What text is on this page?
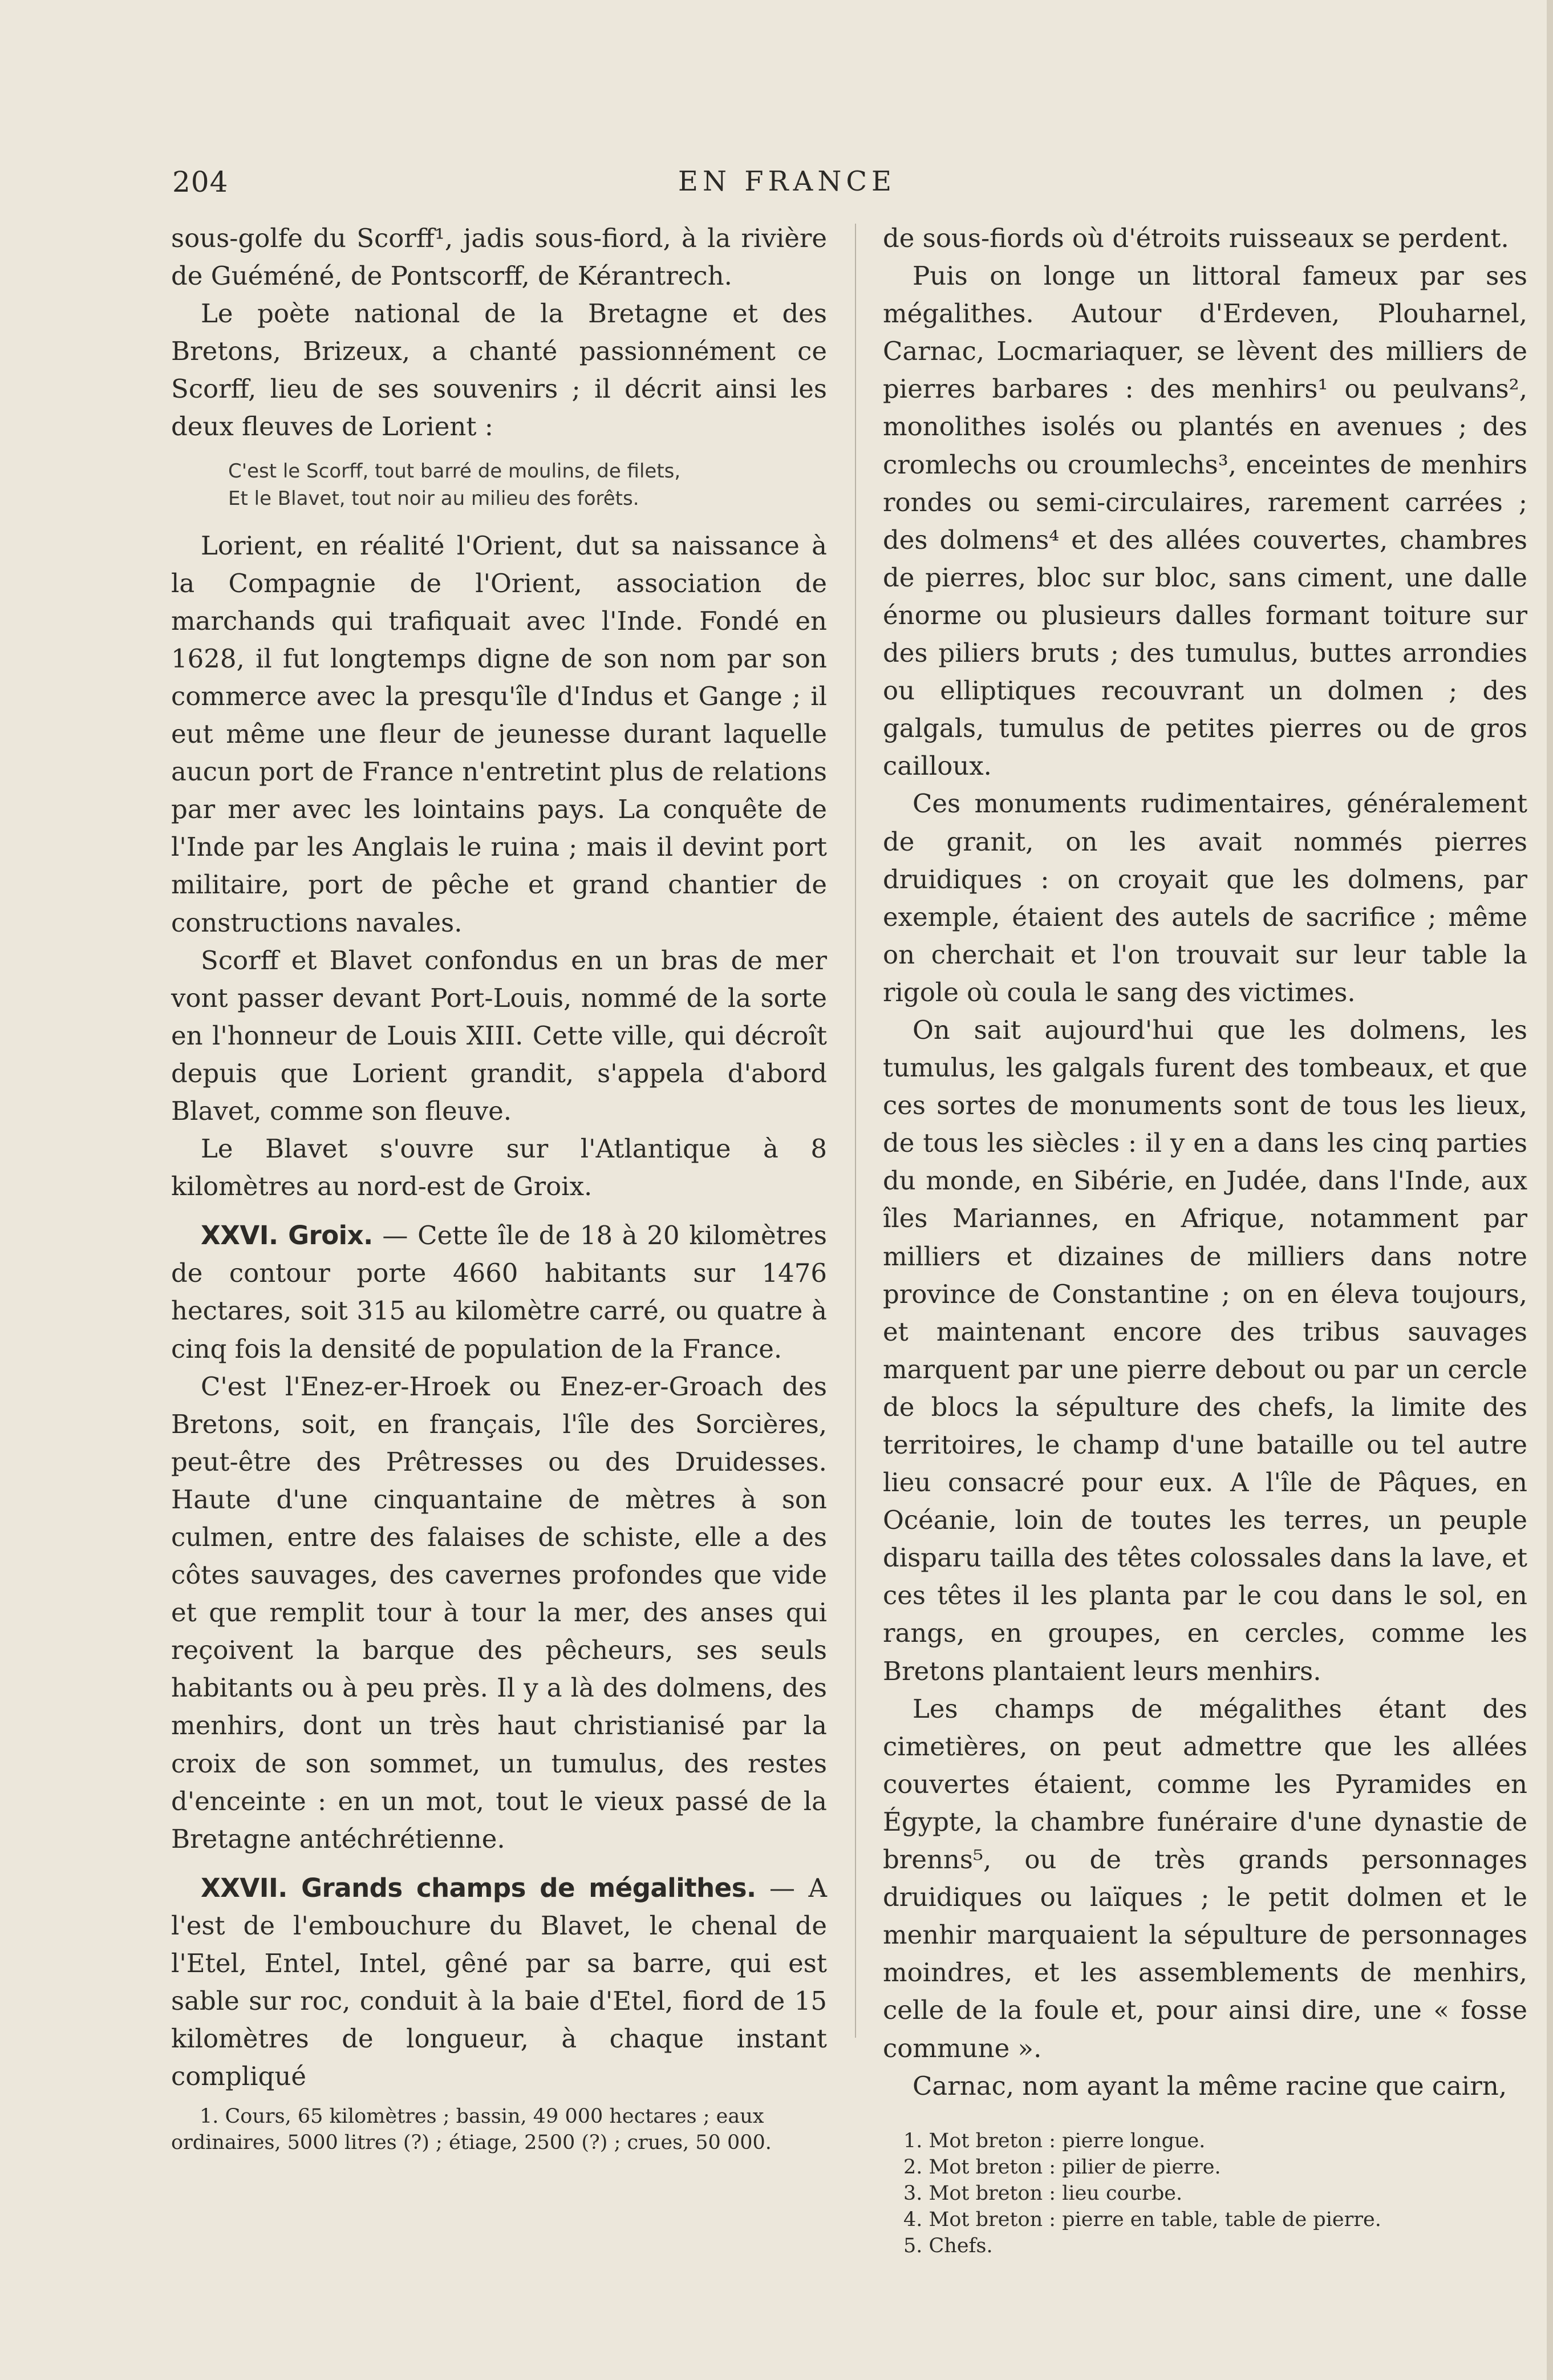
204	EN FRANCE

sous-golfe du Scorff¹, jadis sous-fiord, à la rivière de Guéméné, de Pontscorff, de Kérantrech.

Le poète national de la Bretagne et des Bretons, Brizeux, a chanté passionnément ce Scorff, lieu de ses souvenirs ; il décrit ainsi les deux fleuves de Lorient :

C'est le Scorff, tout barré de moulins, de filets,
Et le Blavet, tout noir au milieu des forêts.

Lorient, en réalité l'Orient, dut sa naissance à la Compagnie de l'Orient, association de marchands qui trafiquait avec l'Inde. Fondé en 1628, il fut longtemps digne de son nom par son commerce avec la presqu'île d'Indus et Gange ; il eut même une fleur de jeunesse durant laquelle aucun port de France n'entretint plus de relations par mer avec les lointains pays. La conquête de l'Inde par les Anglais le ruina ; mais il devint port militaire, port de pêche et grand chantier de constructions navales.

Scorff et Blavet confondus en un bras de mer vont passer devant Port-Louis, nommé de la sorte en l'honneur de Louis XIII. Cette ville, qui décroît depuis que Lorient grandit, s'appela d'abord Blavet, comme son fleuve.

Le Blavet s'ouvre sur l'Atlantique à 8 kilomètres au nord-est de Groix.

XXVI. Groix. — Cette île de 18 à 20 kilomètres de contour porte 4660 habitants sur 1476 hectares, soit 315 au kilomètre carré, ou quatre à cinq fois la densité de population de la France.

C'est l'Enez-er-Hroek ou Enez-er-Groach des Bretons, soit, en français, l'île des Sorcières, peut-être des Prêtresses ou des Druidesses. Haute d'une cinquantaine de mètres à son culmen, entre des falaises de schiste, elle a des côtes sauvages, des cavernes profondes que vide et que remplit tour à tour la mer, des anses qui reçoivent la barque des pêcheurs, ses seuls habitants ou à peu près. Il y a là des dolmens, des menhirs, dont un très haut christianisé par la croix de son sommet, un tumulus, des restes d'enceinte : en un mot, tout le vieux passé de la Bretagne antéchrétienne.

XXVII. Grands champs de mégalithes. — A l'est de l'embouchure du Blavet, le chenal de l'Etel, Entel, Intel, gêné par sa barre, qui est sable sur roc, conduit à la baie d'Etel, fiord de 15 kilomètres de longueur, à chaque instant compliqué

1. Cours, 65 kilomètres ; bassin, 49 000 hectares ; eaux ordinaires, 5000 litres (?) ; étiage, 2500 (?) ; crues, 50 000.

de sous-fiords où d'étroits ruisseaux se perdent.

Puis on longe un littoral fameux par ses mégalithes. Autour d'Erdeven, Plouharnel, Carnac, Locmariaquer, se lèvent des milliers de pierres barbares : des menhirs¹ ou peulvans², monolithes isolés ou plantés en avenues ; des cromlechs ou croumlechs³, enceintes de menhirs rondes ou semi-circulaires, rarement carrées ; des dolmens⁴ et des allées couvertes, chambres de pierres, bloc sur bloc, sans ciment, une dalle énorme ou plusieurs dalles formant toiture sur des piliers bruts ; des tumulus, buttes arrondies ou elliptiques recouvrant un dolmen ; des galgals, tumulus de petites pierres ou de gros cailloux.

Ces monuments rudimentaires, généralement de granit, on les avait nommés pierres druidiques : on croyait que les dolmens, par exemple, étaient des autels de sacrifice ; même on cherchait et l'on trouvait sur leur table la rigole où coula le sang des victimes.

On sait aujourd'hui que les dolmens, les tumulus, les galgals furent des tombeaux, et que ces sortes de monuments sont de tous les lieux, de tous les siècles : il y en a dans les cinq parties du monde, en Sibérie, en Judée, dans l'Inde, aux îles Mariannes, en Afrique, notamment par milliers et dizaines de milliers dans notre province de Constantine ; on en éleva toujours, et maintenant encore des tribus sauvages marquent par une pierre debout ou par un cercle de blocs la sépulture des chefs, la limite des territoires, le champ d'une bataille ou tel autre lieu consacré pour eux. A l'île de Pâques, en Océanie, loin de toutes les terres, un peuple disparu tailla des têtes colossales dans la lave, et ces têtes il les planta par le cou dans le sol, en rangs, en groupes, en cercles, comme les Bretons plantaient leurs menhirs.

Les champs de mégalithes étant des cimetières, on peut admettre que les allées couvertes étaient, comme les Pyramides en Égypte, la chambre funéraire d'une dynastie de brenns⁵, ou de très grands personnages druidiques ou laïques ; le petit dolmen et le menhir marquaient la sépulture de personnages moindres, et les assemblements de menhirs, celle de la foule et, pour ainsi dire, une « fosse commune ».

Carnac, nom ayant la même racine que cairn,

1. Mot breton : pierre longue.

2. Mot breton : pilier de pierre.

3. Mot breton : lieu courbe.

4. Mot breton : pierre en table, table de pierre.

5. Chefs.
